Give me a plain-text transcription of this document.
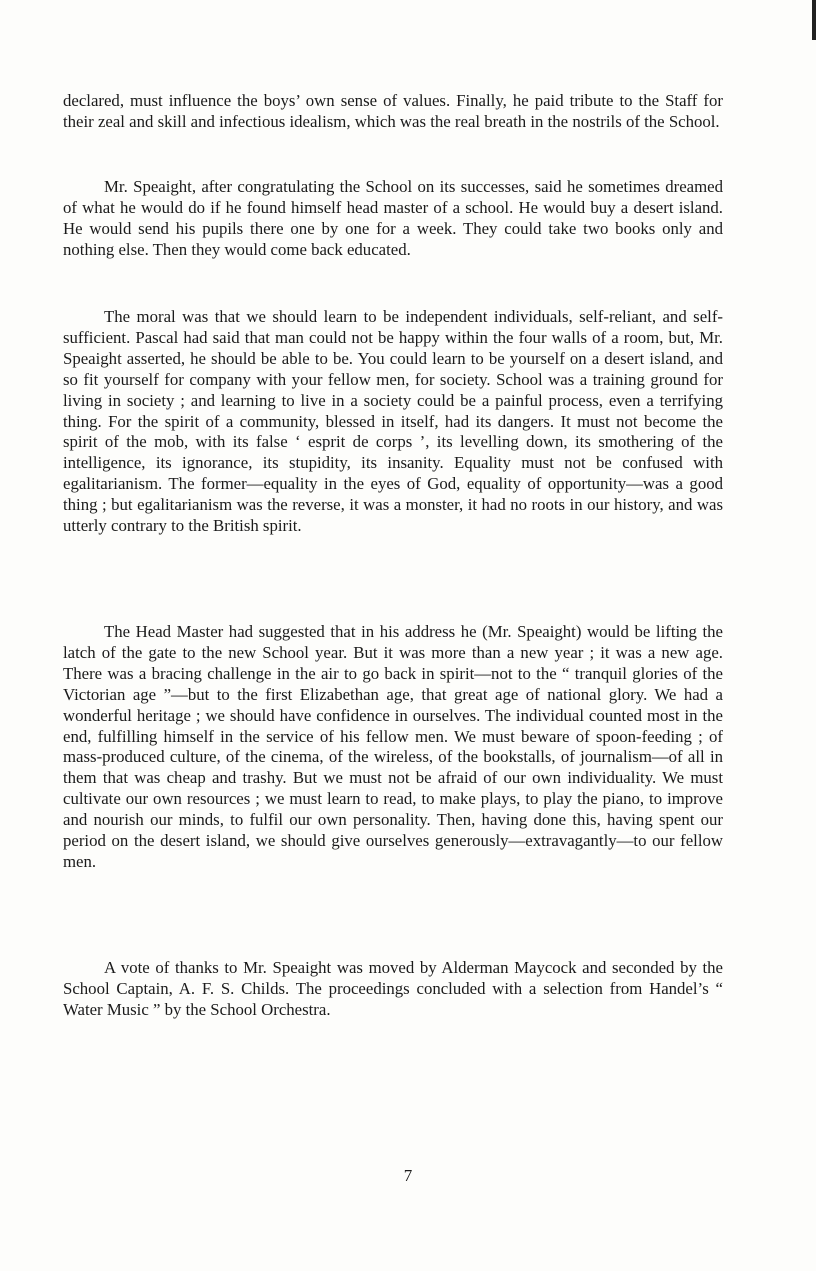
declared, must influence the boys’ own sense of values. Finally, he paid tribute to the Staff for their zeal and skill and infectious idealism, which was the real breath in the nostrils of the School.

Mr. Speaight, after congratulating the School on its successes, said he sometimes dreamed of what he would do if he found himself head master of a school. He would buy a desert island. He would send his pupils there one by one for a week. They could take two books only and nothing else. Then they would come back educated.

The moral was that we should learn to be independent individuals, self-reliant, and self-sufficient. Pascal had said that man could not be happy within the four walls of a room, but, Mr. Speaight asserted, he should be able to be. You could learn to be yourself on a desert island, and so fit yourself for company with your fellow men, for society. School was a training ground for living in society ; and learning to live in a society could be a painful process, even a terrifying thing. For the spirit of a community, blessed in itself, had its dangers. It must not become the spirit of the mob, with its false ‘ esprit de corps ’, its levelling down, its smothering of the intelligence, its ignorance, its stupidity, its insanity. Equality must not be confused with egalitarianism. The former—equality in the eyes of God, equality of opportunity—was a good thing ; but egalitarianism was the reverse, it was a monster, it had no roots in our history, and was utterly contrary to the British spirit.

The Head Master had suggested that in his address he (Mr. Speaight) would be lifting the latch of the gate to the new School year. But it was more than a new year ; it was a new age. There was a bracing challenge in the air to go back in spirit—not to the “ tranquil glories of the Victorian age ”—but to the first Elizabethan age, that great age of national glory. We had a wonderful heritage ; we should have confidence in ourselves. The individual counted most in the end, fulfilling himself in the service of his fellow men. We must beware of spoon-feeding ; of mass-produced culture, of the cinema, of the wireless, of the bookstalls, of journalism—of all in them that was cheap and trashy. But we must not be afraid of our own individuality. We must cultivate our own resources ; we must learn to read, to make plays, to play the piano, to improve and nourish our minds, to fulfil our own personality. Then, having done this, having spent our period on the desert island, we should give ourselves generously—extravagantly—to our fellow men.

A vote of thanks to Mr. Speaight was moved by Alderman Maycock and seconded by the School Captain, A. F. S. Childs. The proceedings concluded with a selection from Handel’s “ Water Music ” by the School Orchestra.

7
